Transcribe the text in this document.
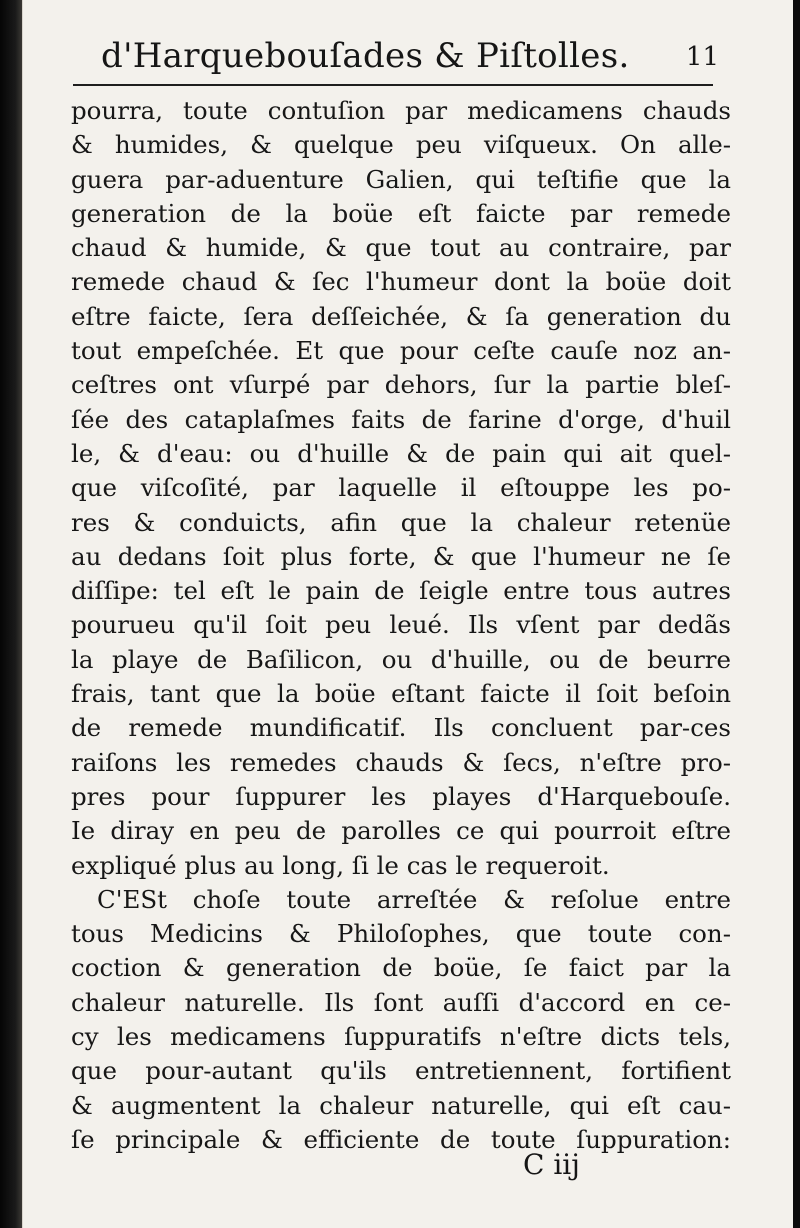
d'Harquebouſades & Piſtolles. 11
pourra, toute contuſion par medicamens chauds
& humides, & quelque peu viſqueux. On alle-
guera par-aduenture Galien, qui teſtifie que la
generation de la boüe eſt faicte par remede
chaud & humide, & que tout au contraire, par
remede chaud & ſec l'humeur dont la boüe doit
eſtre faicte, ſera deſſeichée, & ſa generation du
tout empeſchée. Et que pour ceſte cauſe noz an-
ceſtres ont vſurpé par dehors, ſur la partie bleſ-
ſée des cataplaſmes faits de farine d'orge, d'huil
le, & d'eau: ou d'huille & de pain qui ait quel-
que viſcoſité, par laquelle il eſtouppe les po-
res & conduicts, afin que la chaleur retenüe
au dedans ſoit plus forte, & que l'humeur ne ſe
diſſipe: tel eſt le pain de ſeigle entre tous autres
pourueu qu'il ſoit peu leué. Ils vſent par dedãs
la playe de Baſilicon, ou d'huille, ou de beurre
frais, tant que la boüe eſtant faicte il ſoit beſoin
de remede mundificatif. Ils concluent par-ces
raiſons les remedes chauds & ſecs, n'eſtre pro-
pres pour ſuppurer les playes d'Harquebouſe.
Ie diray en peu de parolles ce qui pourroit eſtre
expliqué plus au long, ſi le cas le requeroit.
C'ESt choſe toute arreſtée & reſolue entre
tous Medicins & Philoſophes, que toute con-
coction & generation de boüe, ſe faict par la
chaleur naturelle. Ils ſont auſſi d'accord en ce-
cy les medicamens ſuppuratifs n'eſtre dicts tels,
que pour-autant qu'ils entretiennent, fortifient
& augmentent la chaleur naturelle, qui eſt cau-
ſe principale & efficiente de toute ſuppuration:
C iij
